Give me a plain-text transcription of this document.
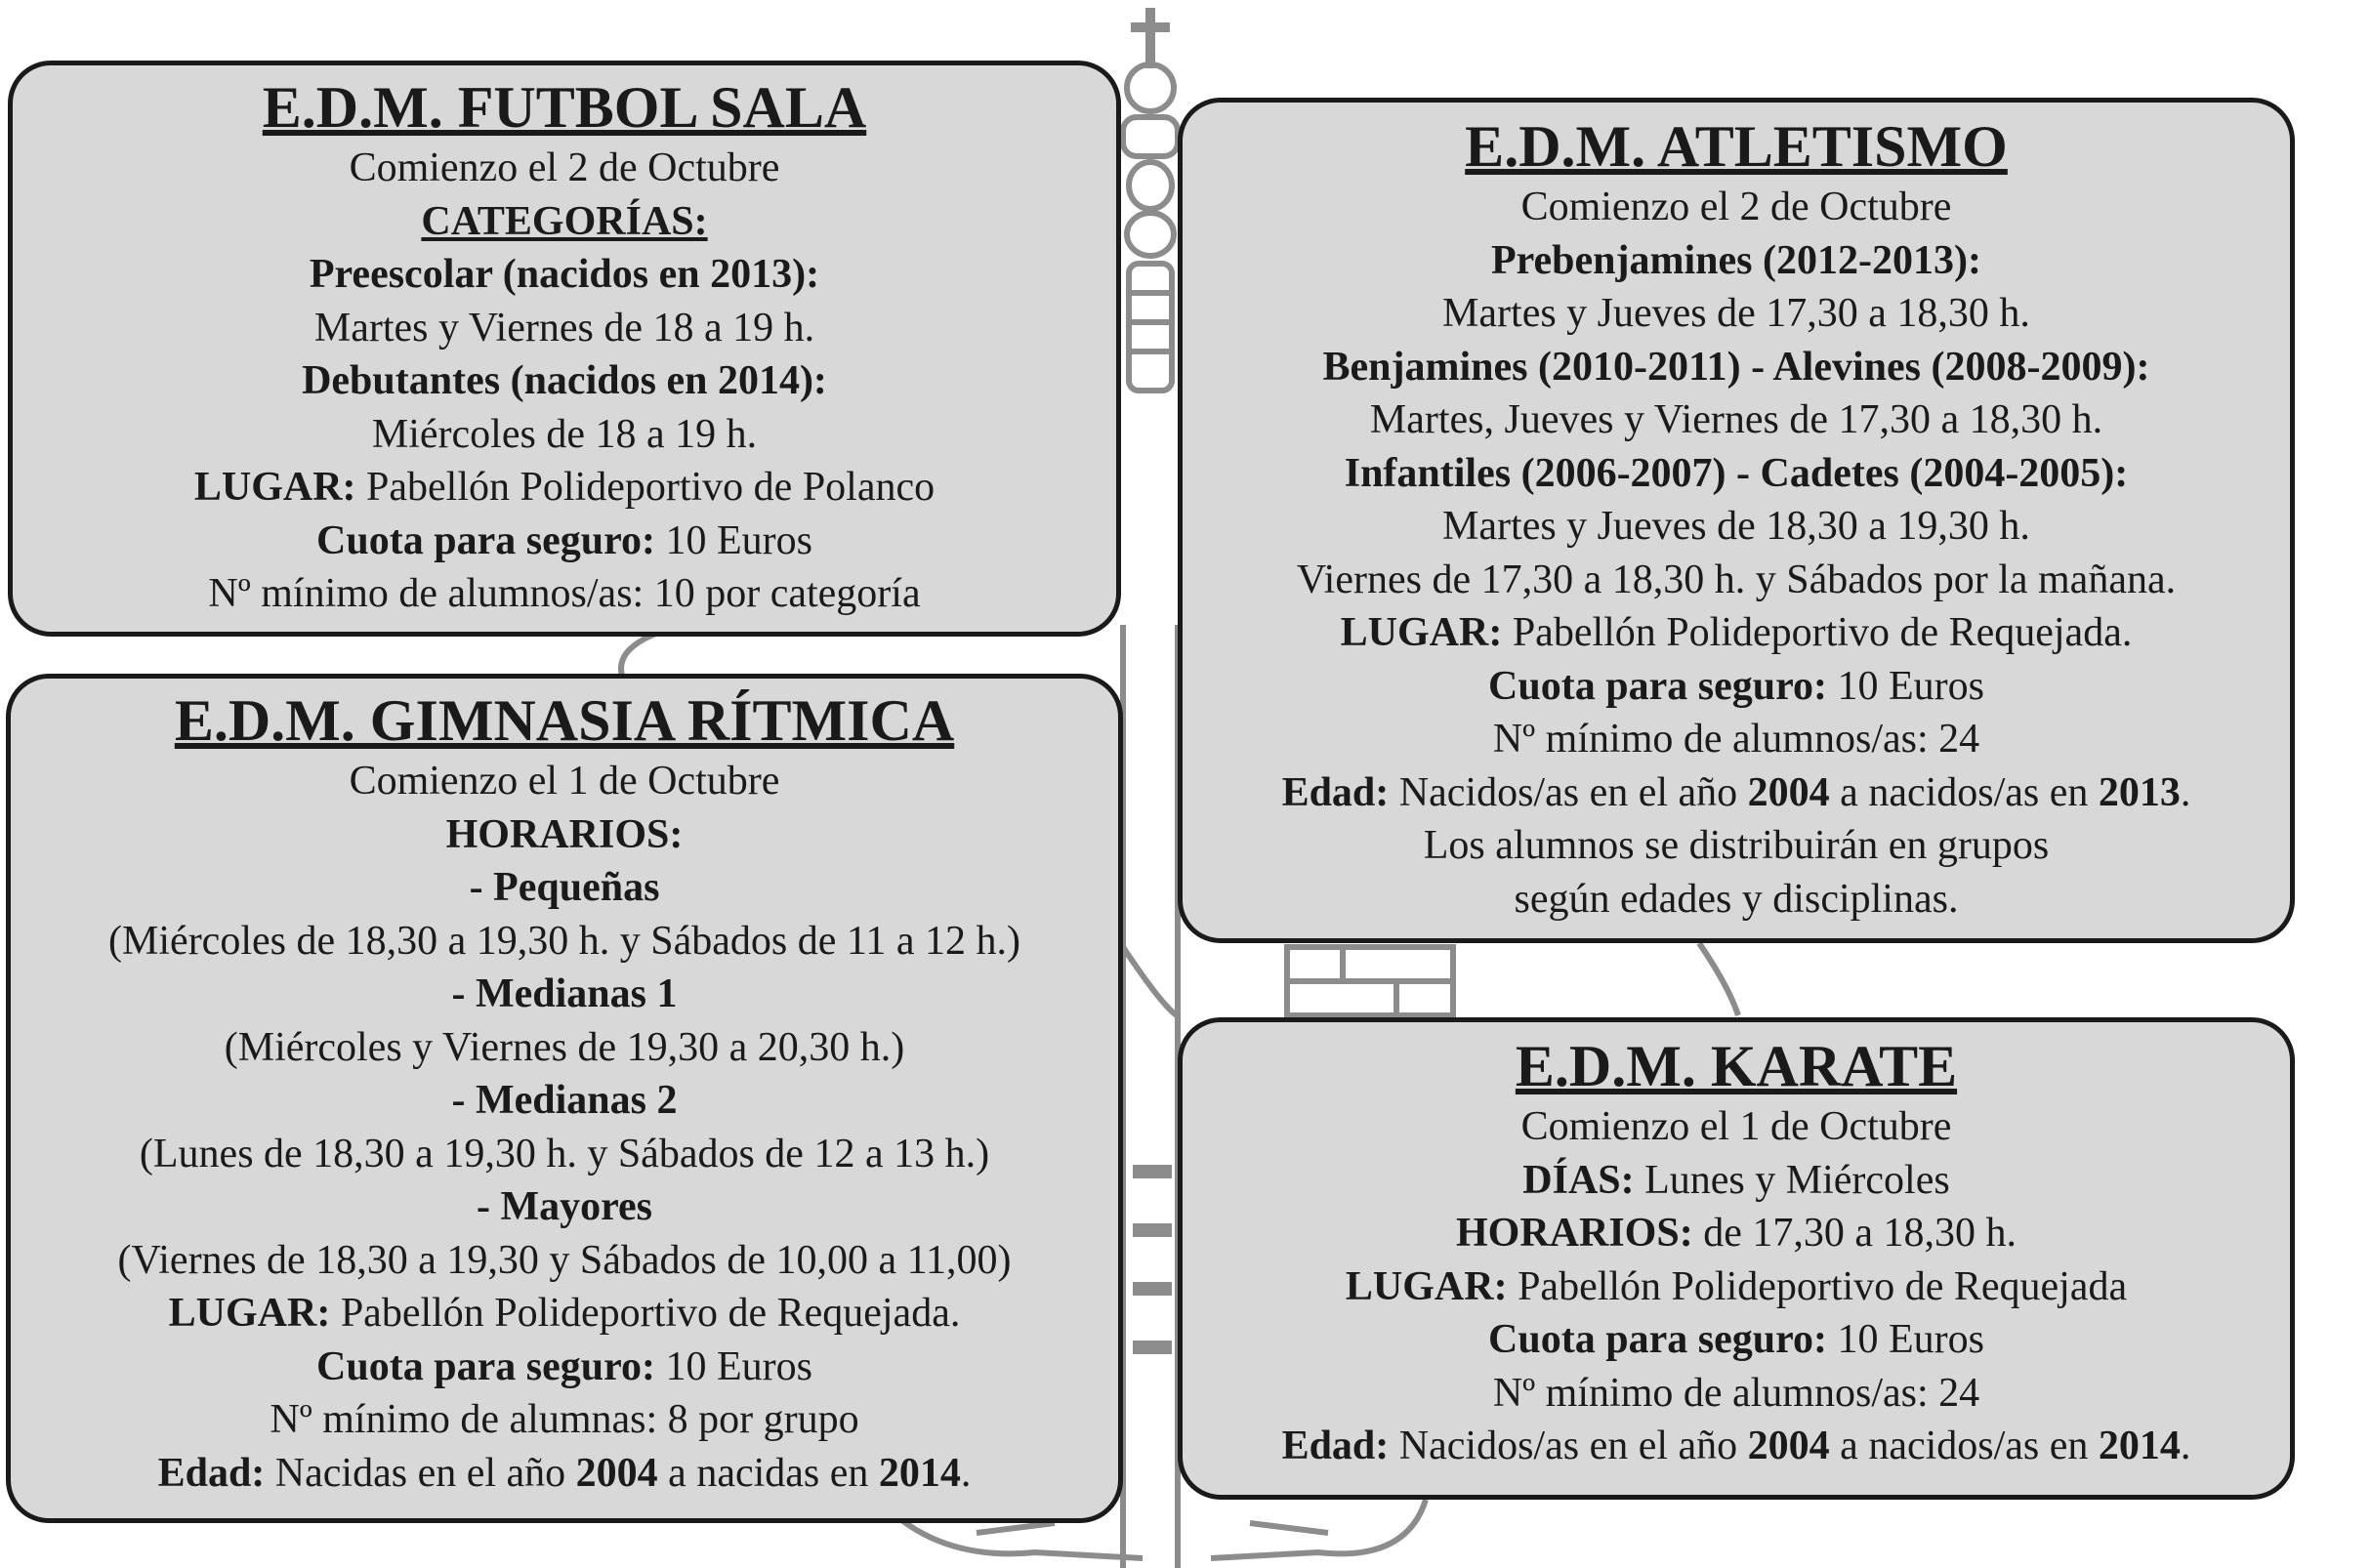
E.D.M. FUTBOL SALA
Comienzo el 2 de Octubre
CATEGORÍAS:
Preescolar (nacidos en 2013):
Martes y Viernes de 18 a 19 h.
Debutantes (nacidos en 2014):
Miércoles de 18 a 19 h.
LUGAR: Pabellón Polideportivo de Polanco
Cuota para seguro: 10 Euros
Nº mínimo de alumnos/as: 10 por categoría
E.D.M. GIMNASIA RÍTMICA
Comienzo el 1 de Octubre
HORARIOS:
- Pequeñas
(Miércoles de 18,30 a 19,30 h. y Sábados de 11 a 12 h.)
- Medianas 1
(Miércoles y Viernes de 19,30 a 20,30 h.)
- Medianas 2
(Lunes de 18,30 a 19,30 h. y Sábados de 12 a 13 h.)
- Mayores
(Viernes de 18,30 a 19,30 y Sábados de 10,00 a 11,00)
LUGAR: Pabellón Polideportivo de Requejada.
Cuota para seguro: 10 Euros
Nº mínimo de alumnas: 8 por grupo
Edad: Nacidas en el año 2004 a nacidas en 2014.
E.D.M. ATLETISMO
Comienzo el 2 de Octubre
Prebenjamines (2012-2013):
Martes y Jueves de 17,30 a 18,30 h.
Benjamines (2010-2011) - Alevines (2008-2009):
Martes, Jueves y Viernes de 17,30 a 18,30 h.
Infantiles (2006-2007) - Cadetes (2004-2005):
Martes y Jueves de 18,30 a 19,30 h.
Viernes de 17,30 a 18,30 h. y Sábados por la mañana.
LUGAR: Pabellón Polideportivo de Requejada.
Cuota para seguro: 10 Euros
Nº mínimo de alumnos/as: 24
Edad: Nacidos/as en el año 2004 a nacidos/as en 2013.
Los alumnos se distribuirán en grupos
según edades y disciplinas.
E.D.M. KARATE
Comienzo el 1 de Octubre
DÍAS: Lunes y Miércoles
HORARIOS: de 17,30 a 18,30 h.
LUGAR: Pabellón Polideportivo de Requejada
Cuota para seguro: 10 Euros
Nº mínimo de alumnos/as: 24
Edad: Nacidos/as en el año 2004 a nacidos/as en 2014.
